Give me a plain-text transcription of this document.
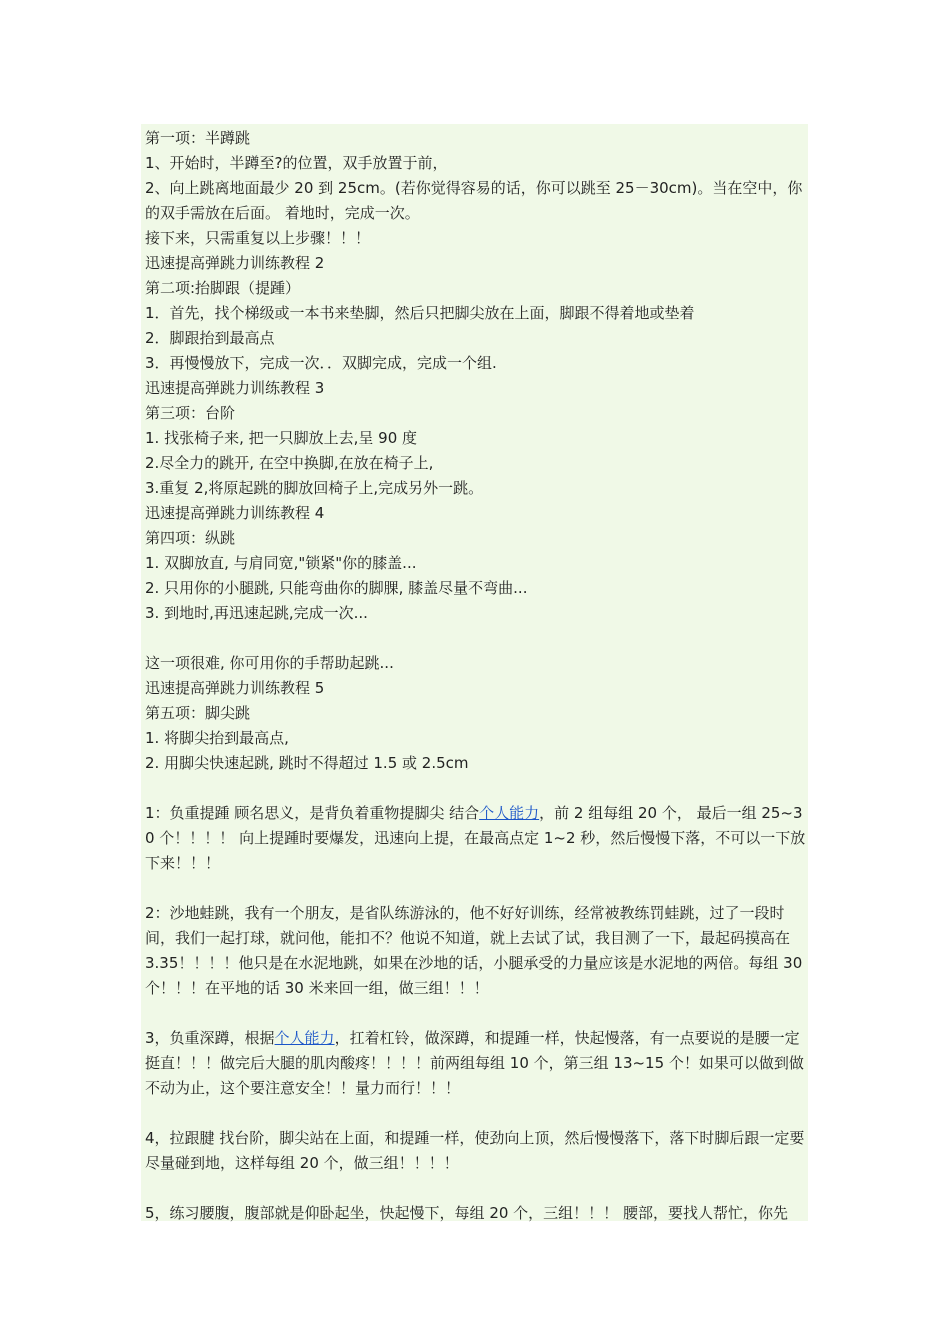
第一项：半蹲跳
1、开始时，半蹲至?的位置，双手放置于前，
2、向上跳离地面最少 20 到 25cm。(若你觉得容易的话，你可以跳至 25－30cm)。当在空中，你的双手需放在后面。 着地时，完成一次。
接下来，只需重复以上步骤！！！
迅速提高弹跳力训练教程 2
第二项:抬脚跟（提踵）
1．首先，找个梯级或一本书来垫脚，然后只把脚尖放在上面，脚跟不得着地或垫着
2．脚跟抬到最高点
3．再慢慢放下，完成一次．．双脚完成，完成一个组.
迅速提高弹跳力训练教程 3
第三项：台阶
1. 找张椅子来, 把一只脚放上去,呈 90 度
2.尽全力的跳开, 在空中换脚,在放在椅子上,
3.重复 2,将原起跳的脚放回椅子上,完成另外一跳。
迅速提高弹跳力训练教程 4
第四项：纵跳
1. 双脚放直, 与肩同宽,"锁紧"你的膝盖...
2. 只用你的小腿跳, 只能弯曲你的脚腂, 膝盖尽量不弯曲...
3. 到地时,再迅速起跳,完成一次...
这一项很难, 你可用你的手帮助起跳...
迅速提高弹跳力训练教程 5
第五项：脚尖跳
1. 将脚尖抬到最高点,
2. 用脚尖快速起跳, 跳时不得超过 1.5 或 2.5cm
1：负重提踵 顾名思义，是背负着重物提脚尖 结合个人能力，前 2 组每组 20 个， 最后一组 25~30 个！！！！ 向上提踵时要爆发，迅速向上提，在最高点定 1~2 秒，然后慢慢下落，不可以一下放下来！！！
2：沙地蛙跳，我有一个朋友，是省队练游泳的，他不好好训练，经常被教练罚蛙跳，过了一段时间，我们一起打球，就问他，能扣不？他说不知道，就上去试了试，我目测了一下，最起码摸高在 3.35！！！！他只是在水泥地跳，如果在沙地的话，小腿承受的力量应该是水泥地的两倍。每组 30 个！！！在平地的话 30 米来回一组，做三组！！！
3，负重深蹲，根据个人能力，扛着杠铃，做深蹲，和提踵一样，快起慢落，有一点要说的是腰一定挺直！！！做完后大腿的肌肉酸疼！！！！前两组每组 10 个，第三组 13~15 个！如果可以做到做不动为止，这个要注意安全！！量力而行！！！
4，拉跟腱 找台阶，脚尖站在上面，和提踵一样，使劲向上顶，然后慢慢落下，落下时脚后跟一定要尽量碰到地，这样每组 20 个，做三组！！！！
5，练习腰腹，腹部就是仰卧起坐，快起慢下，每组 20 个，三组！！！ 腰部，要找人帮忙，你先
